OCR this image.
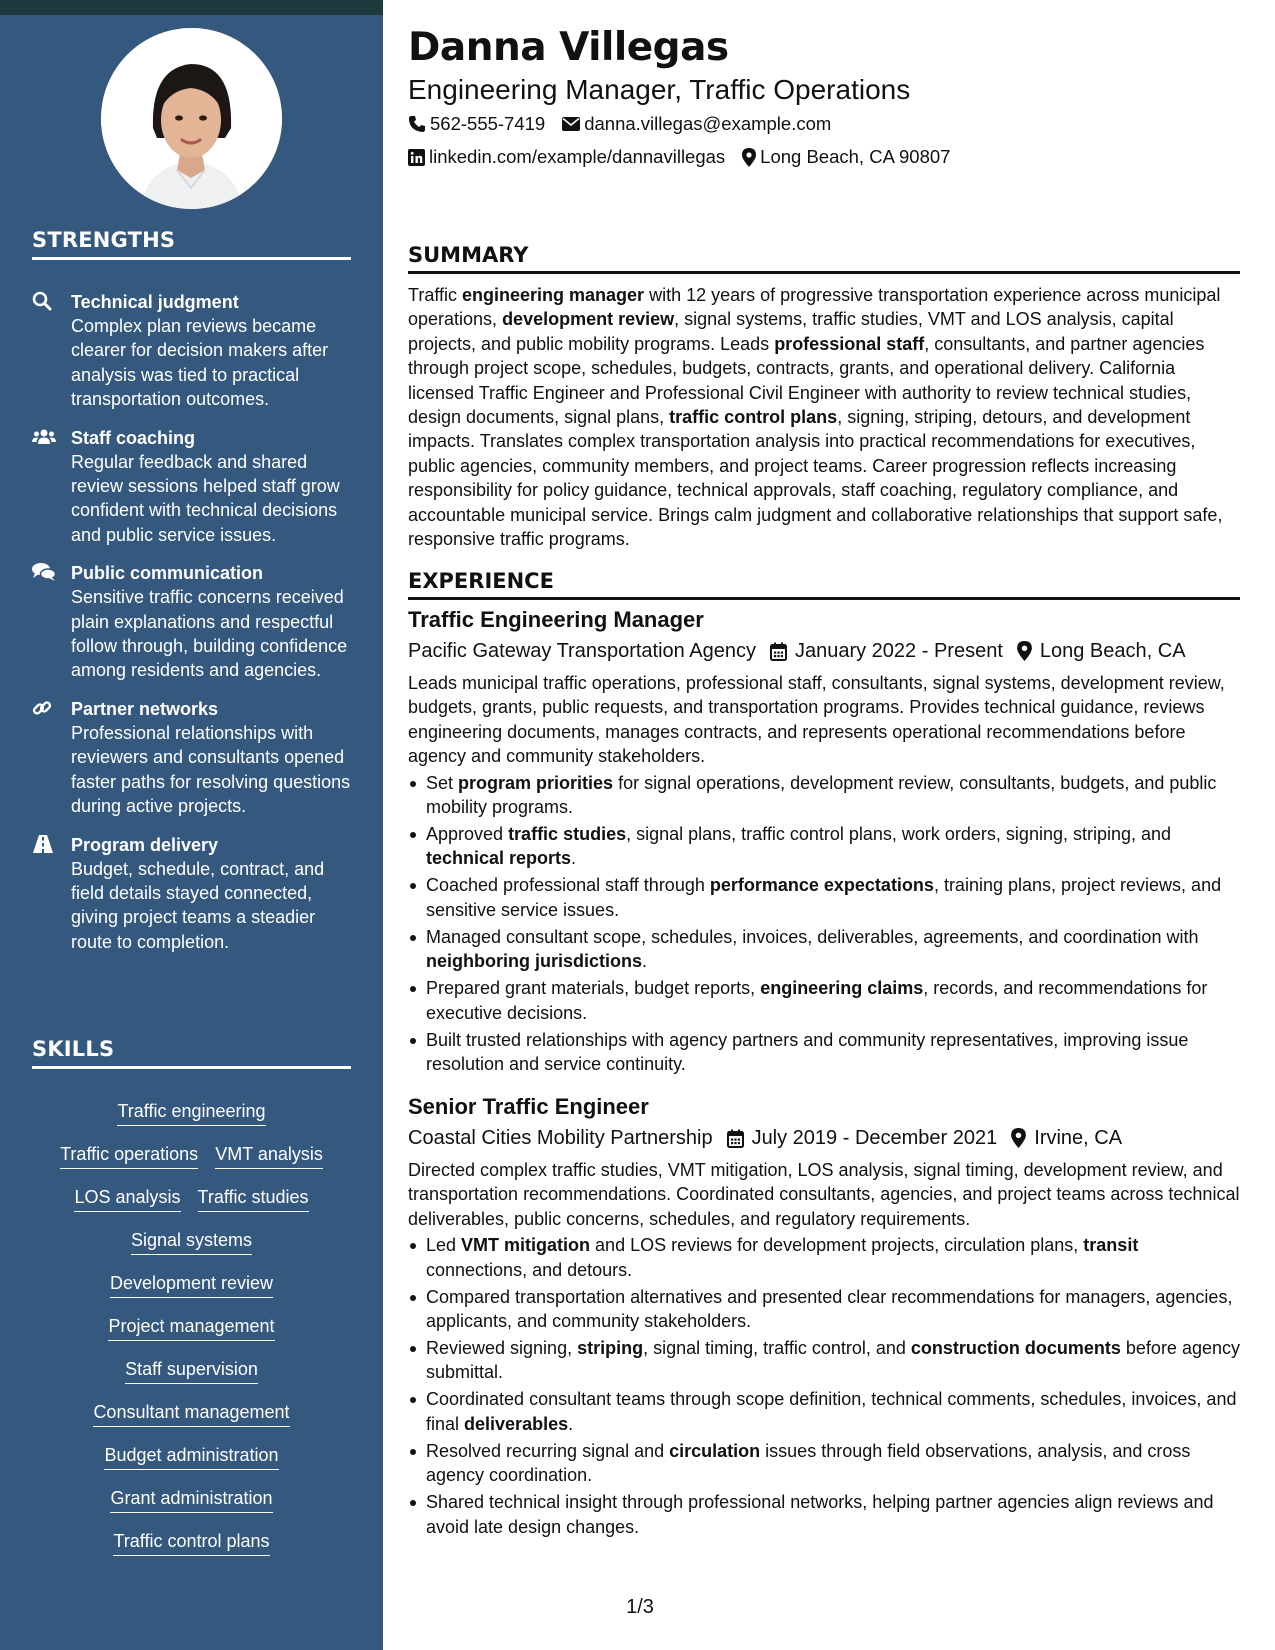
STRENGTHS
Technical judgment
Complex plan reviews became clearer for decision makers after analysis was tied to practical transportation outcomes.
Staff coaching
Regular feedback and shared review sessions helped staff grow confident with technical decisions and public service issues.
Public communication
Sensitive traffic concerns received plain explanations and respectful follow through, building confidence among residents and agencies.
Partner networks
Professional relationships with reviewers and consultants opened faster paths for resolving questions during active projects.
Program delivery
Budget, schedule, contract, and field details stayed connected, giving project teams a steadier route to completion.
SKILLS
Traffic engineering
Traffic operations VMT analysis
LOS analysis Traffic studies
Signal systems
Development review
Project management
Staff supervision
Consultant management
Budget administration
Grant administration
Traffic control plans
Danna Villegas
Engineering Manager, Traffic Operations
562-555-7419 danna.villegas@example.com
linkedin.com/example/dannavillegas Long Beach, CA 90807
SUMMARY

Traffic engineering manager with 12 years of progressive transportation experience across municipal operations, development review, signal systems, traffic studies, VMT and LOS analysis, capital projects, and public mobility programs. Leads professional staff, consultants, and partner agencies through project scope, schedules, budgets, contracts, grants, and operational delivery. California licensed Traffic Engineer and Professional Civil Engineer with authority to review technical studies, design documents, signal plans, traffic control plans, signing, striping, detours, and development impacts. Translates complex transportation analysis into practical recommendations for executives, public agencies, community members, and project teams. Career progression reflects increasing responsibility for policy guidance, technical approvals, staff coaching, regulatory compliance, and accountable municipal service. Brings calm judgment and collaborative relationships that support safe, responsive traffic programs.

EXPERIENCE
Traffic Engineering Manager
Pacific Gateway Transportation Agency January 2022 - Present Long Beach, CA

Leads municipal traffic operations, professional staff, consultants, signal systems, development review, budgets, grants, public requests, and transportation programs. Provides technical guidance, reviews engineering documents, manages contracts, and represents operational recommendations before agency and community stakeholders.

Set program priorities for signal operations, development review, consultants, budgets, and public mobility programs.
Approved traffic studies, signal plans, traffic control plans, work orders, signing, striping, and technical reports.
Coached professional staff through performance expectations, training plans, project reviews, and sensitive service issues.
Managed consultant scope, schedules, invoices, deliverables, agreements, and coordination with neighboring jurisdictions.
Prepared grant materials, budget reports, engineering claims, records, and recommendations for executive decisions.
Built trusted relationships with agency partners and community representatives, improving issue resolution and service continuity.
Senior Traffic Engineer
Coastal Cities Mobility Partnership July 2019 - December 2021 Irvine, CA

Directed complex traffic studies, VMT mitigation, LOS analysis, signal timing, development review, and transportation recommendations. Coordinated consultants, agencies, and project teams across technical deliverables, public concerns, schedules, and regulatory requirements.

Led VMT mitigation and LOS reviews for development projects, circulation plans, transit connections, and detours.
Compared transportation alternatives and presented clear recommendations for managers, agencies, applicants, and community stakeholders.
Reviewed signing, striping, signal timing, traffic control, and construction documents before agency submittal.
Coordinated consultant teams through scope definition, technical comments, schedules, invoices, and final deliverables.
Resolved recurring signal and circulation issues through field observations, analysis, and cross agency coordination.
Shared technical insight through professional networks, helping partner agencies align reviews and avoid late design changes.
1/3
